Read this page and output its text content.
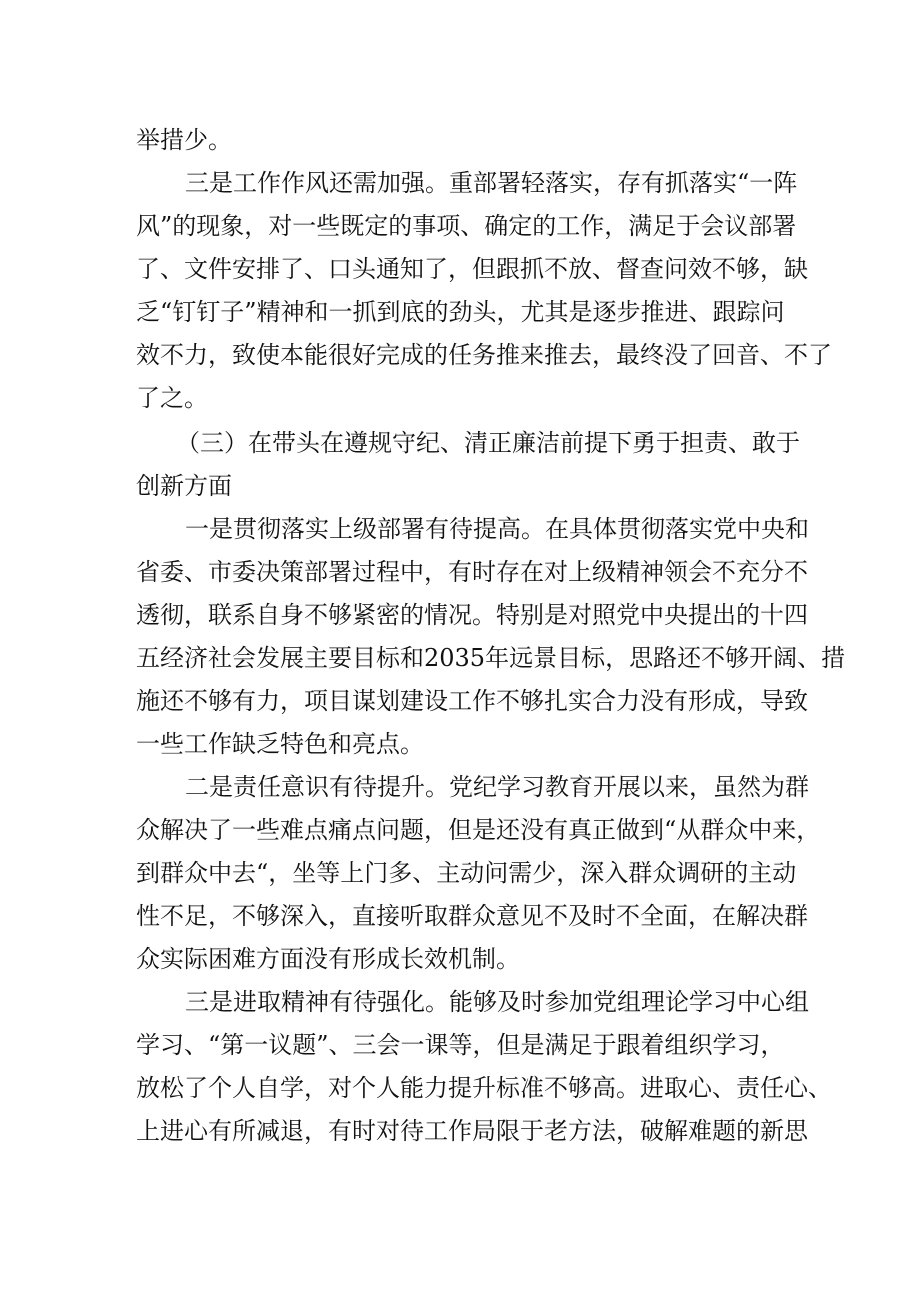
举措少。
三是工作作风还需加强。重部署轻落实，存有抓落实“一阵
风”的现象，对一些既定的事项、确定的工作，满足于会议部署
了、文件安排了、口头通知了，但跟抓不放、督查问效不够，缺
乏“钉钉子”精神和一抓到底的劲头，尤其是逐步推进、跟踪问
效不力，致使本能很好完成的任务推来推去，最终没了回音、不了
了之。
（三）在带头在遵规守纪、清正廉洁前提下勇于担责、敢于
创新方面
一是贯彻落实上级部署有待提高。在具体贯彻落实党中央和
省委、市委决策部署过程中，有时存在对上级精神领会不充分不
透彻，联系自身不够紧密的情况。特别是对照党中央提出的十四
五经济社会发展主要目标和2035年远景目标，思路还不够开阔、措
施还不够有力，项目谋划建设工作不够扎实合力没有形成，导致
一些工作缺乏特色和亮点。
二是责任意识有待提升。党纪学习教育开展以来，虽然为群
众解决了一些难点痛点问题，但是还没有真正做到“从群众中来，
到群众中去“，坐等上门多、主动问需少，深入群众调研的主动
性不足，不够深入，直接听取群众意见不及时不全面，在解决群
众实际困难方面没有形成长效机制。
三是进取精神有待强化。能够及时参加党组理论学习中心组
学习、“第一议题”、三会一课等，但是满足于跟着组织学习，
放松了个人自学，对个人能力提升标准不够高。进取心、责任心、
上进心有所减退，有时对待工作局限于老方法，破解难题的新思
